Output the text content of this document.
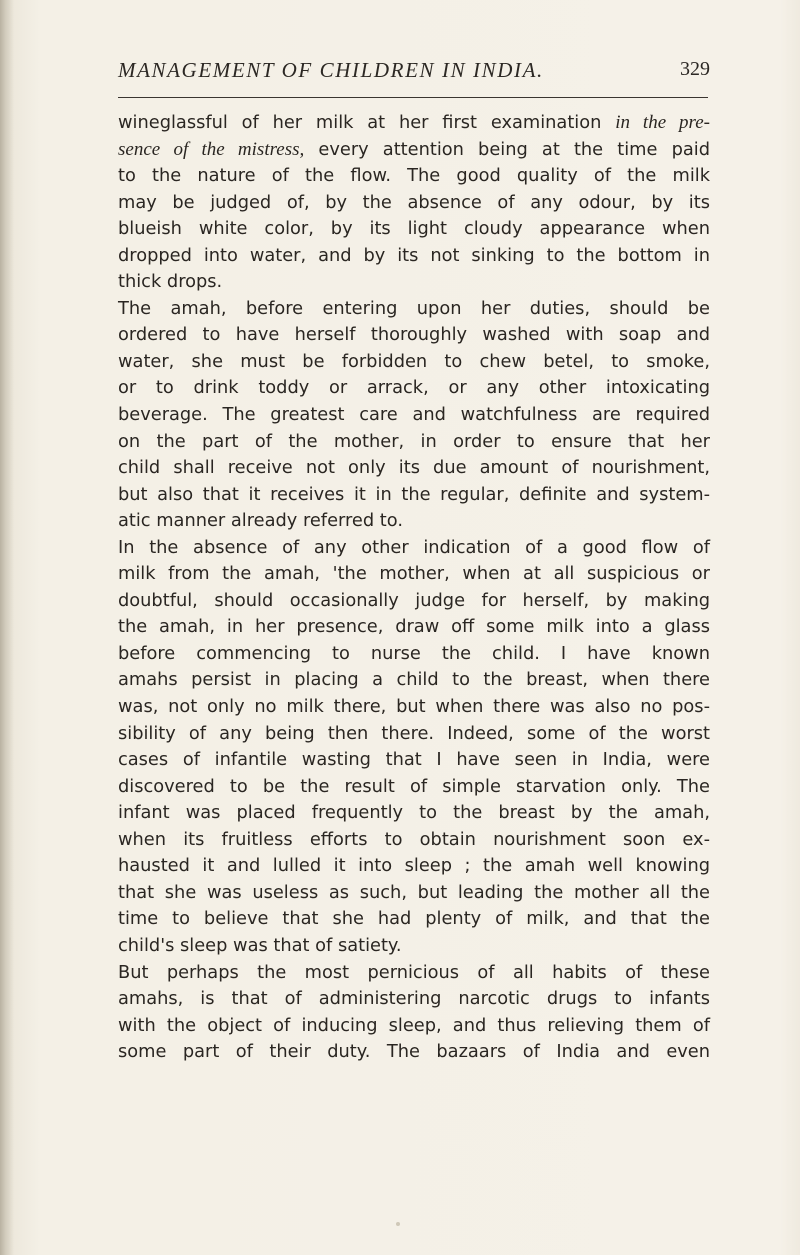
MANAGEMENT OF CHILDREN IN INDIA.	329
wineglassful of her milk at her first examination in the pre-
sence of the mistress, every attention being at the time paid
to the nature of the flow. The good quality of the milk
may be judged of, by the absence of any odour, by its
blueish white color, by its light cloudy appearance when
dropped into water, and by its not sinking to the bottom in
thick drops.
The amah, before entering upon her duties, should be
ordered to have herself thoroughly washed with soap and
water, she must be forbidden to chew betel, to smoke,
or to drink toddy or arrack, or any other intoxicating
beverage. The greatest care and watchfulness are required
on the part of the mother, in order to ensure that her
child shall receive not only its due amount of nourishment,
but also that it receives it in the regular, definite and system-
atic manner already referred to.
In the absence of any other indication of a good flow of
milk from the amah, 'the mother, when at all suspicious or
doubtful, should occasionally judge for herself, by making
the amah, in her presence, draw off some milk into a glass
before commencing to nurse the child. I have known
amahs persist in placing a child to the breast, when there
was, not only no milk there, but when there was also no pos-
sibility of any being then there. Indeed, some of the worst
cases of infantile wasting that I have seen in India, were
discovered to be the result of simple starvation only. The
infant was placed frequently to the breast by the amah,
when its fruitless efforts to obtain nourishment soon ex-
hausted it and lulled it into sleep ; the amah well knowing
that she was useless as such, but leading the mother all the
time to believe that she had plenty of milk, and that the
child's sleep was that of satiety.
But perhaps the most pernicious of all habits of these
amahs, is that of administering narcotic drugs to infants
with the object of inducing sleep, and thus relieving them of
some part of their duty. The bazaars of India and even
